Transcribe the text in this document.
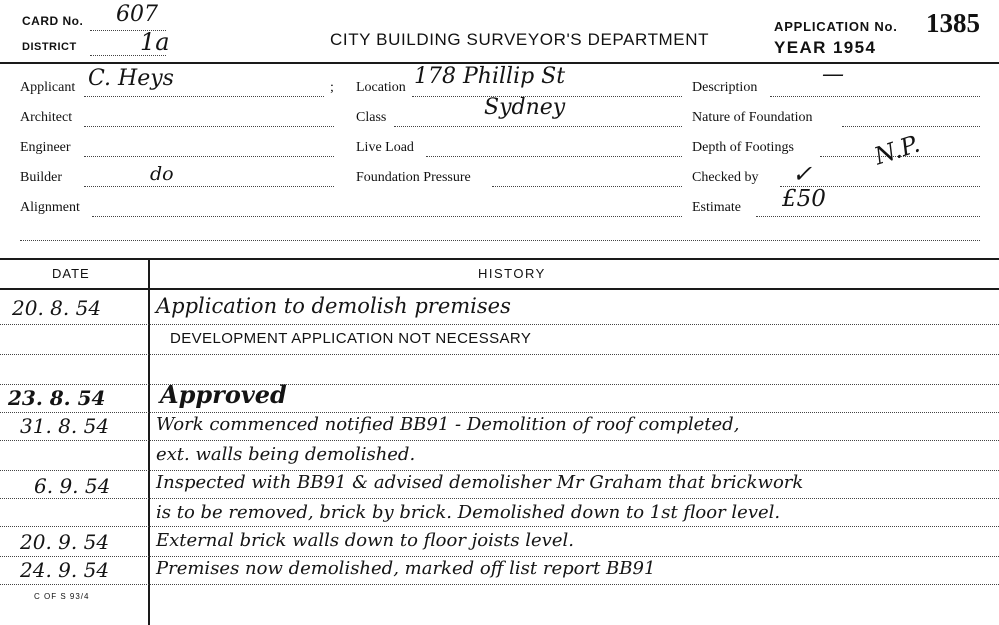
CARD No. 607
DISTRICT	1a	CITY BUILDING SURVEYOR'S DEPARTMENT
APPLICATION No. 1385
YEAR 1954
Applicant C. Heys	;
Architect
Engineer
Builder	do
Alignment
Location 178 Phillip St
Class	Sydney
Live Load
Foundation Pressure
Description
—
Nature of Foundation
Depth of Footings	N.P.
Checked by ✓
Estimate £50
DATE	HISTORY
20. 8. 54	Application to demolish premises
DEVELOPMENT APPLICATION NOT NECESSARY
23. 8. 54 Approved
31. 8. 54	Work commenced notified BB91 - Demolition of roof completed,
ext. walls being demolished.
6. 9. 54	Inspected with BB91 & advised demolisher Mr Graham that brickwork
is to be removed, brick by brick. Demolished down to 1st floor level.
20. 9. 54	External brick walls down to floor joists level.
24. 9. 54	Premises now demolished, marked off list report BB91
C OF S 93/4
